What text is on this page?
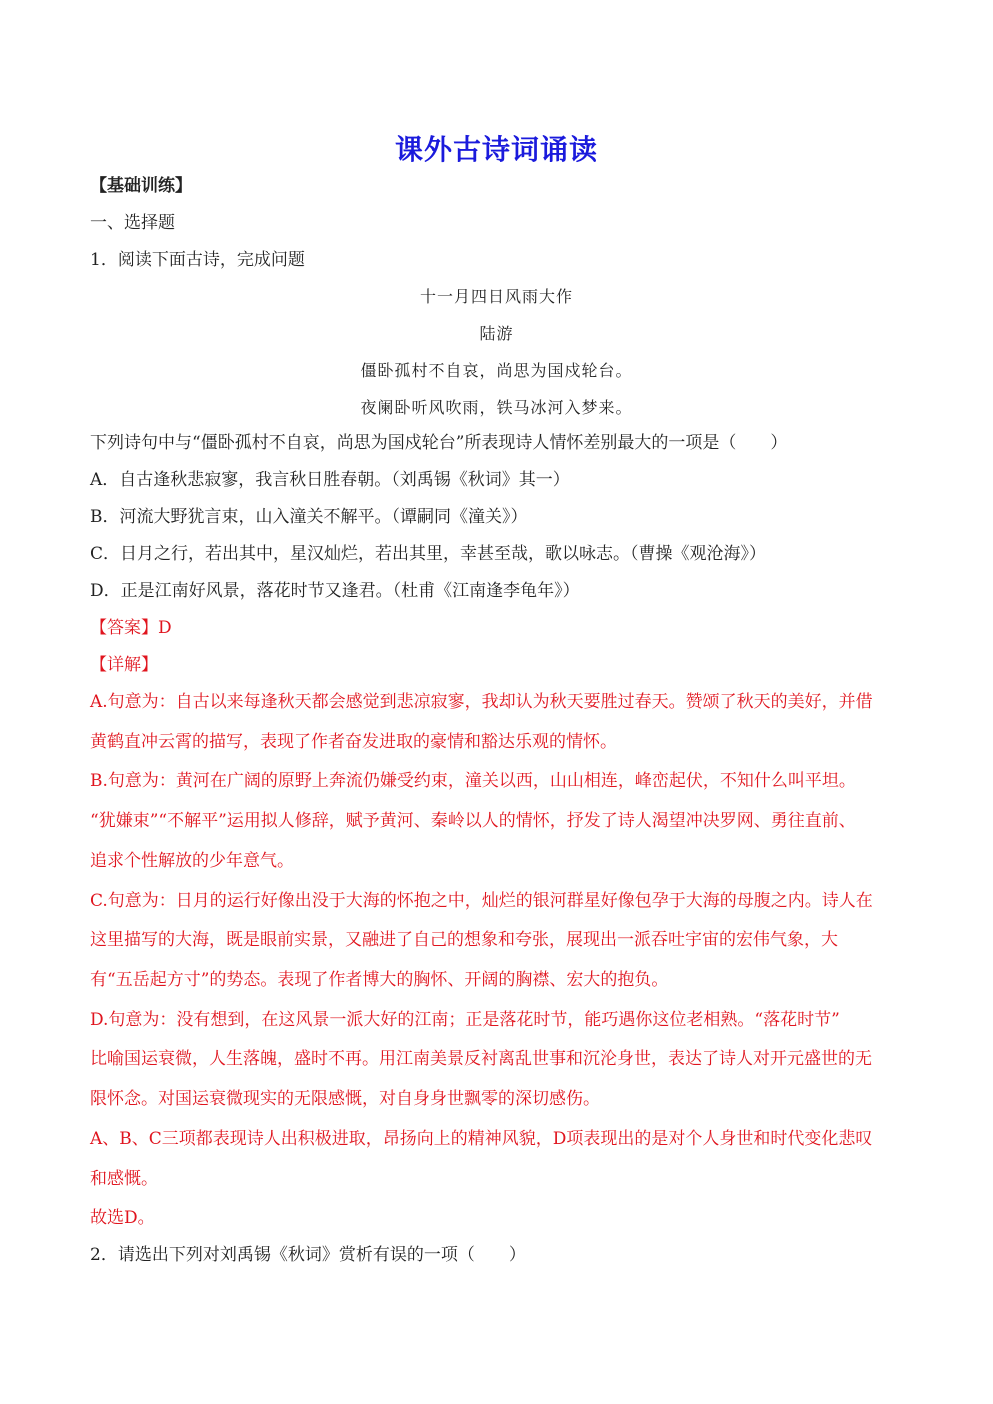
课外古诗词诵读
【基础训练】
一、选择题
1．阅读下面古诗，完成问题
十一月四日风雨大作
陆游
僵卧孤村不自哀，尚思为国戍轮台。
夜阑卧听风吹雨，铁马冰河入梦来。
下列诗句中与“僵卧孤村不自哀，尚思为国戍轮台”所表现诗人情怀差别最大的一项是（　　）
A．自古逢秋悲寂寥，我言秋日胜春朝。（刘禹锡《秋词》其一）
B．河流大野犹言束，山入潼关不解平。（谭嗣同《潼关》）
C．日月之行，若出其中，星汉灿烂，若出其里，幸甚至哉，歌以咏志。（曹操《观沧海》）
D．正是江南好风景，落花时节又逢君。（杜甫《江南逢李龟年》）
【答案】D
【详解】
A.句意为：自古以来每逢秋天都会感觉到悲凉寂寥，我却认为秋天要胜过春天。赞颂了秋天的美好，并借
黄鹤直冲云霄的描写，表现了作者奋发进取的豪情和豁达乐观的情怀。
B.句意为：黄河在广阔的原野上奔流仍嫌受约束，潼关以西，山山相连，峰峦起伏，不知什么叫平坦。
“犹嫌束”“不解平”运用拟人修辞，赋予黄河、秦岭以人的情怀，抒发了诗人渴望冲决罗网、勇往直前、
追求个性解放的少年意气。
C.句意为：日月的运行好像出没于大海的怀抱之中，灿烂的银河群星好像包孕于大海的母腹之内。诗人在
这里描写的大海，既是眼前实景，又融进了自己的想象和夸张，展现出一派吞吐宇宙的宏伟气象，大
有“五岳起方寸”的势态。表现了作者博大的胸怀、开阔的胸襟、宏大的抱负。
D.句意为：没有想到，在这风景一派大好的江南；正是落花时节，能巧遇你这位老相熟。“落花时节”
比喻国运衰微，人生落魄，盛时不再。用江南美景反衬离乱世事和沉沦身世，表达了诗人对开元盛世的无
限怀念。对国运衰微现实的无限感慨，对自身身世飘零的深切感伤。
A、B、C三项都表现诗人出积极进取，昂扬向上的精神风貌，D项表现出的是对个人身世和时代变化悲叹
和感慨。
故选D。
2．请选出下列对刘禹锡《秋词》赏析有误的一项（　　）
